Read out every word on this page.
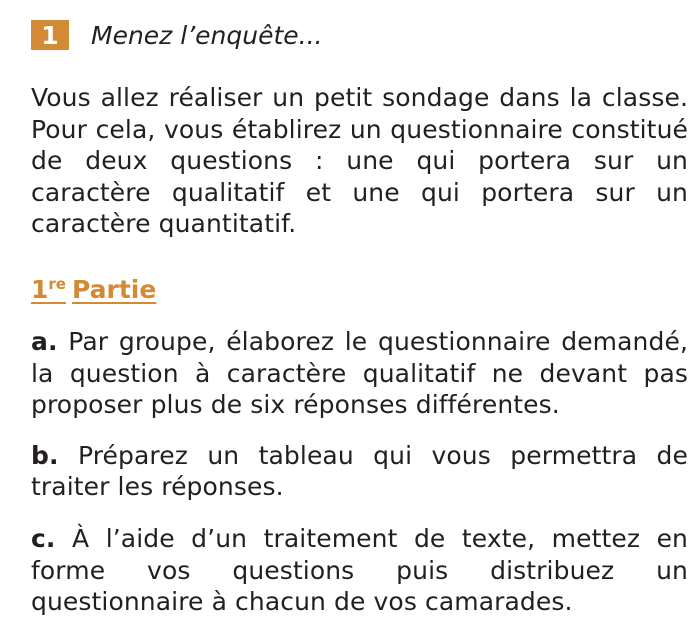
1	Menez l’enquête...

Vous allez réaliser un petit sondage dans la classe. Pour cela, vous établirez un questionnaire constitué de deux questions : une qui portera sur un caractère qualitatif et une qui portera sur un caractère quantitatif.

1re Partie

a. Par groupe, élaborez le questionnaire demandé, la question à caractère qualitatif ne devant pas proposer plus de six réponses différentes.

b. Préparez un tableau qui vous permettra de traiter les réponses.

c. À l’aide d’un traitement de texte, mettez en forme vos questions puis distribuez un questionnaire à chacun de vos camarades.
